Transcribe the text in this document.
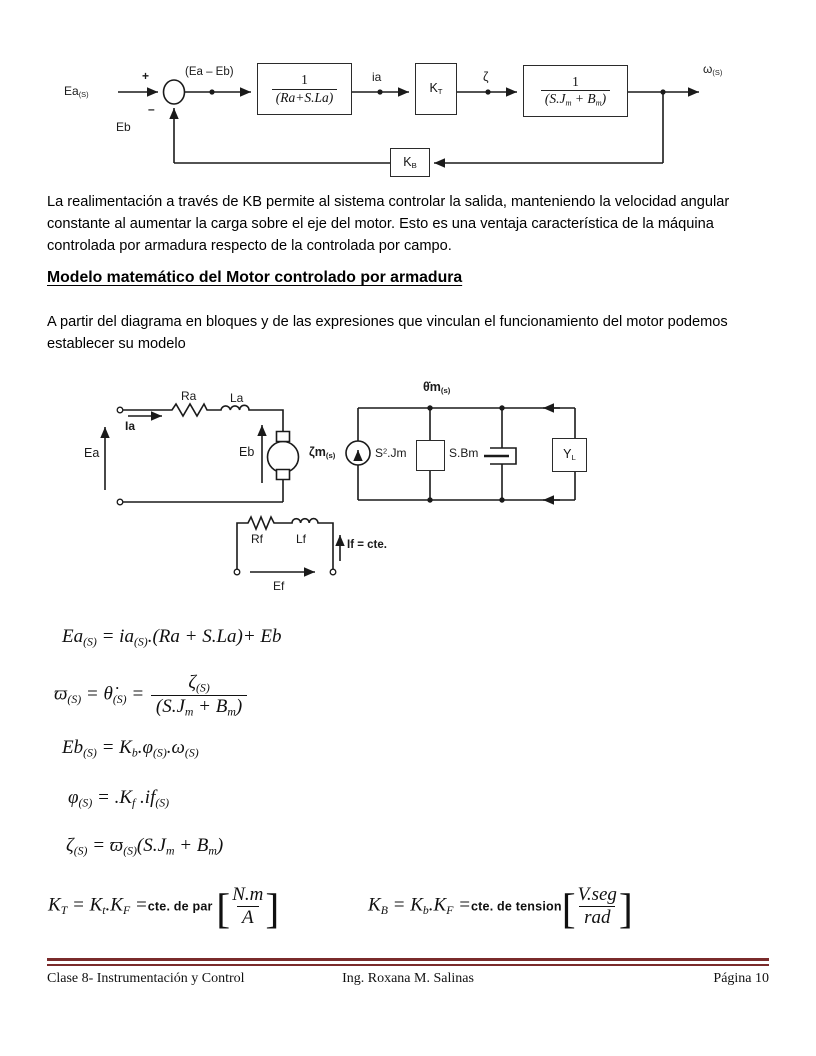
Ea(S)
+
–
(Ea – Eb)
Eb
$\frac{1}{(Ra+S.La)}$	ia
KT
ζ	$\frac{1}{(S.Jm + Bm)}$
ω(S)
KB
La realimentación a través de KB permite al sistema controlar la salida, manteniendo la velocidad angular constante al aumentar la carga sobre el eje del motor. Esto es una ventaja característica de la máquina controlada por armadura respecto de la controlada por campo.
Modelo matemático del Motor controlado por armadura
A partir del diagrama en bloques y de las expresiones que vinculan el funcionamiento del motor podemos establecer su modelo
Ra	La
Ia
Ea	Eb	ζm(s)	$S^2.Jm$	S.Bm	YL
θ̇m(s)
Rf	Lf	If = cte.
Ef
Ea(S) = ia(S).(Ra + S.La)+ Eb
ϖ(S) = θ̇(S) = $\frac{\zeta(S)}{(S.Jm + Bm)}$
Eb(S) = Kb.φ(S).ω(S)
φ(S) = .Kf .if(S)
ζ(S) = ϖ(S)(S.Jm + Bm)
KT = Kt.KF =cte. de par [ $\frac{N.m}{A}$ ]	KB = Kb.KF =cte. de tension[ $\frac{\text{V.seg}}{\text{rad}}$ ]
Clase 8- Instrumentación y Control	Ing. Roxana M. Salinas	Página 10
